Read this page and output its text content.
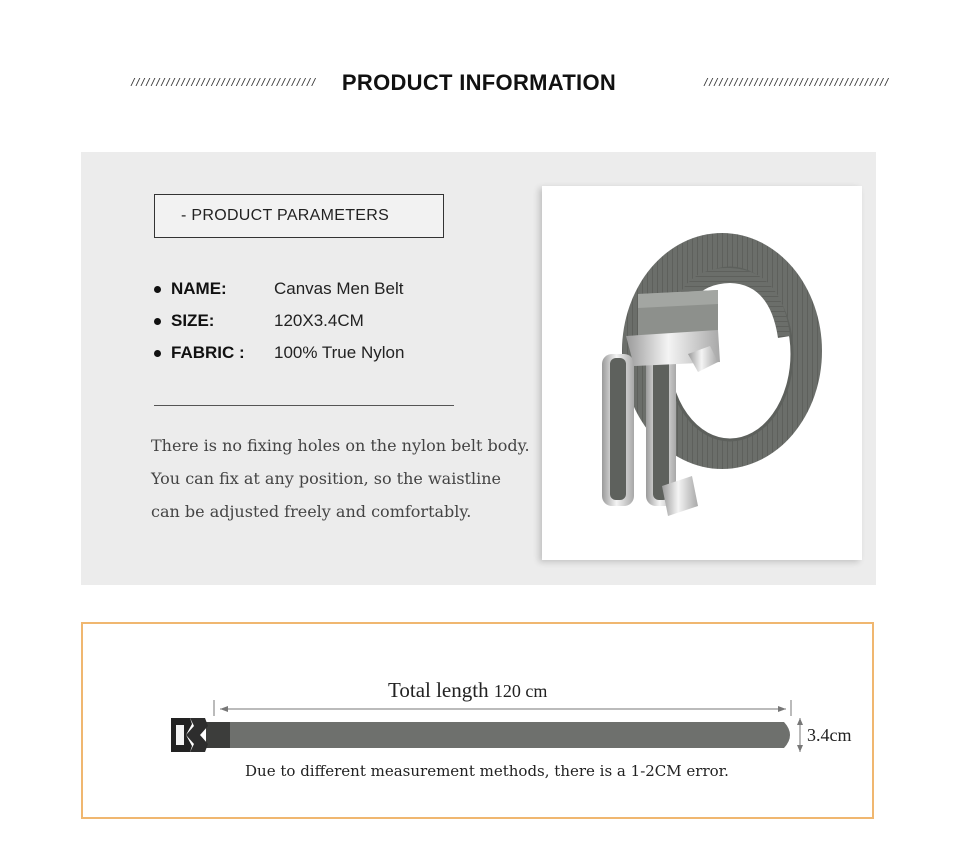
/////////////////////////////////////	PRODUCT INFORMATION	/////////////////////////////////////
- PRODUCT PARAMETERS
NAME:	Canvas Men Belt
SIZE:	120X3.4CM
FABRIC : 100% True Nylon
There is no fixing holes on the nylon belt body.
You can fix at any position, so the waistline
can be adjusted freely and comfortably.
Total length 120 cm
3.4cm
Due to different measurement methods, there is a 1-2CM error.
